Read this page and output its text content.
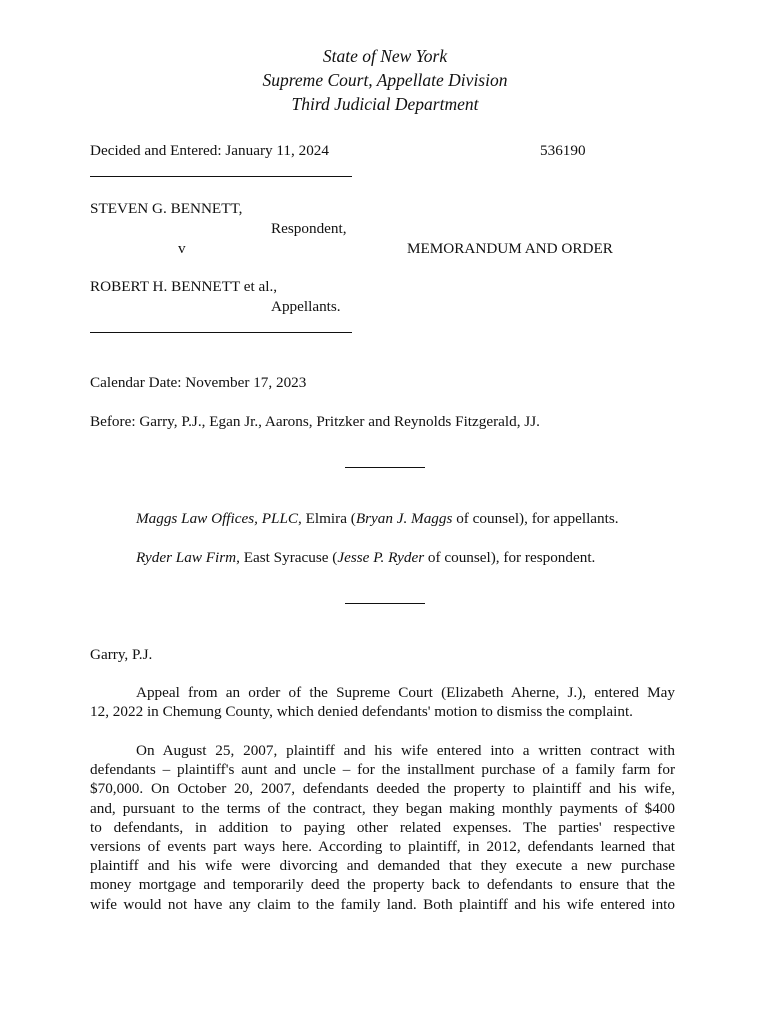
State of New York
Supreme Court, Appellate Division
Third Judicial Department
Decided and Entered: January 11, 2024	536190
STEVEN G. BENNETT,
Respondent,
v	MEMORANDUM AND ORDER
ROBERT H. BENNETT et al.,
Appellants.
Calendar Date: November 17, 2023
Before: Garry, P.J., Egan Jr., Aarons, Pritzker and Reynolds Fitzgerald, JJ.
Maggs Law Offices, PLLC, Elmira (Bryan J. Maggs of counsel), for appellants.
Ryder Law Firm, East Syracuse (Jesse P. Ryder of counsel), for respondent.
Garry, P.J.
Appeal from an order of the Supreme Court (Elizabeth Aherne, J.), entered May
12, 2022 in Chemung County, which denied defendants' motion to dismiss the complaint.
On August 25, 2007, plaintiff and his wife entered into a written contract with
defendants – plaintiff's aunt and uncle – for the installment purchase of a family farm for
$70,000. On October 20, 2007, defendants deeded the property to plaintiff and his wife,
and, pursuant to the terms of the contract, they began making monthly payments of $400
to defendants, in addition to paying other related expenses. The parties' respective
versions of events part ways here. According to plaintiff, in 2012, defendants learned that
plaintiff and his wife were divorcing and demanded that they execute a new purchase
money mortgage and temporarily deed the property back to defendants to ensure that the
wife would not have any claim to the family land. Both plaintiff and his wife entered into
